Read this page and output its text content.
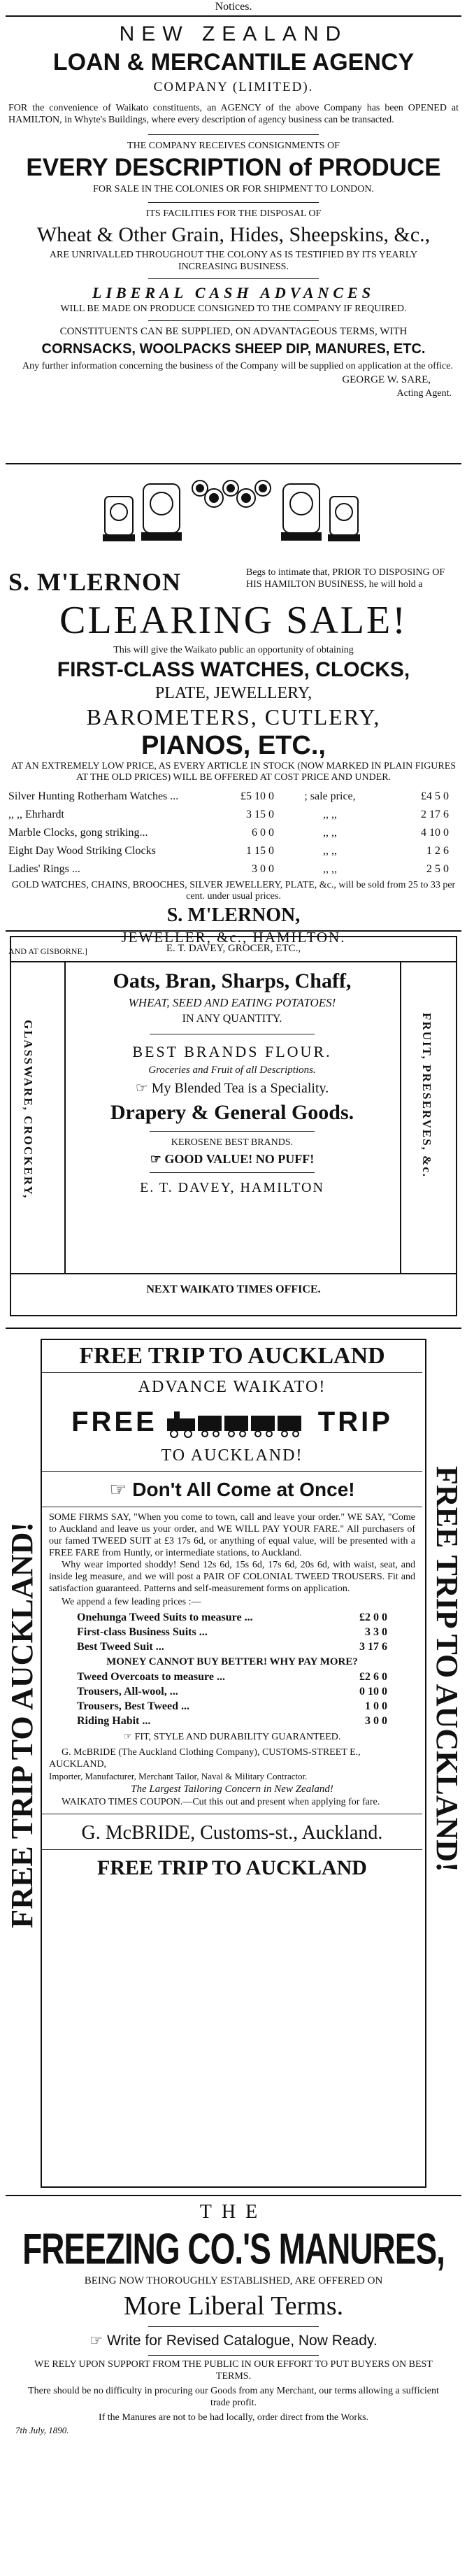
Notices.

NEW ZEALAND

LOAN & MERCANTILE AGENCY

COMPANY (LIMITED).

FOR the convenience of Waikato constituents, an AGENCY of the above Company has been OPENED at HAMILTON, in Whyte's Buildings, where every description of agency business can be transacted.

THE COMPANY RECEIVES CONSIGNMENTS OF

EVERY DESCRIPTION of PRODUCE

FOR SALE IN THE COLONIES OR FOR SHIPMENT TO LONDON.

ITS FACILITIES FOR THE DISPOSAL OF

Wheat & Other Grain, Hides, Sheepskins, &c.,

ARE UNRIVALLED THROUGHOUT THE COLONY AS IS TESTIFIED BY ITS YEARLY INCREASING BUSINESS.

LIBERAL CASH ADVANCES

WILL BE MADE ON PRODUCE CONSIGNED TO THE COMPANY IF REQUIRED.

CONSTITUENTS CAN BE SUPPLIED, ON ADVANTAGEOUS TERMS, WITH

CORNSACKS, WOOLPACKS SHEEP DIP, MANURES, ETC.

Any further information concerning the business of the Company will be supplied on application at the office.

GEORGE W. SARE,

Acting Agent.

S. M'LERNON	Begs to intimate that, PRIOR TO DISPOSING OF HIS HAMILTON BUSINESS, he will hold a

CLEARING SALE!

This will give the Waikato public an opportunity of obtaining

FIRST-CLASS WATCHES, CLOCKS,

PLATE, JEWELLERY,

BAROMETERS, CUTLERY,

PIANOS, ETC.,

AT AN EXTREMELY LOW PRICE, AS EVERY ARTICLE IN STOCK (NOW MARKED IN PLAIN FIGURES AT THE OLD PRICES) WILL BE OFFERED AT COST PRICE AND UNDER.

Silver Hunting Rotherham Watches ...	£5 10 0	; sale price,	£4 5 0
,, ,, Ehrhardt	3 15 0	,, ,,	2 17 6
Marble Clocks, gong striking...	6 0 0	,, ,,	4 10 0
Eight Day Wood Striking Clocks	1 15 0	,, ,,	1 2 6
Ladies' Rings ...	3 0 0	,, ,,	2 5 0

GOLD WATCHES, CHAINS, BROOCHES, SILVER JEWELLERY, PLATE, &c., will be sold from 25 to 33 per cent. under usual prices.

S. M'LERNON,

JEWELLER, &c., HAMILTON.

AND AT GISBORNE.]	E. T. DAVEY, GROCER, ETC.,

GLASSWARE, CROCKERY,	FRUIT, PRESERVES, &c.

Oats, Bran, Sharps, Chaff,

WHEAT, SEED AND EATING POTATOES!

IN ANY QUANTITY.

BEST BRANDS FLOUR.

Groceries and Fruit of all Descriptions.

☞ My Blended Tea is a Speciality.

Drapery & General Goods.

KEROSENE BEST BRANDS.

☞ GOOD VALUE! NO PUFF!

E. T. DAVEY, HAMILTON

NEXT WAIKATO TIMES OFFICE.

FREE TRIP TO AUCKLAND!	FREE TRIP TO AUCKLAND!

FREE TRIP TO AUCKLAND

ADVANCE WAIKATO!

FREE	TRIP

TO AUCKLAND!

☞ Don't All Come at Once!

SOME FIRMS SAY, "When you come to town, call and leave your order." WE SAY, "Come to Auckland and leave us your order, and WE WILL PAY YOUR FARE." All purchasers of our famed TWEED SUIT at £3 17s 6d, or anything of equal value, will be presented with a FREE FARE from Huntly, or intermediate stations, to Auckland.

Why wear imported shoddy! Send 12s 6d, 15s 6d, 17s 6d, 20s 6d, with waist, seat, and inside leg measure, and we will post a PAIR OF COLONIAL TWEED TROUSERS. Fit and satisfaction guaranteed. Patterns and self-measurement forms on application.

We append a few leading prices :—

Onehunga Tweed Suits to measure ...	£2 0 0
First-class Business Suits ...	3 3 0
Best Tweed Suit ...	3 17 6

MONEY CANNOT BUY BETTER! WHY PAY MORE?

Tweed Overcoats to measure ...	£2 6 0
Trousers, All-wool, ...	0 10 0
Trousers, Best Tweed ...	1 0 0
Riding Habit ...	3 0 0

☞ FIT, STYLE AND DURABILITY GUARANTEED.

G. McBRIDE (The Auckland Clothing Company), CUSTOMS-STREET E., AUCKLAND,

Importer, Manufacturer, Merchant Tailor, Naval & Military Contractor.

The Largest Tailoring Concern in New Zealand!

WAIKATO TIMES COUPON.—Cut this out and present when applying for fare.

G. McBRIDE, Customs-st., Auckland.

FREE TRIP TO AUCKLAND

THE

FREEZING CO.'S MANURES,

BEING NOW THOROUGHLY ESTABLISHED, ARE OFFERED ON

More Liberal Terms.

☞ Write for Revised Catalogue, Now Ready.

WE RELY UPON SUPPORT FROM THE PUBLIC IN OUR EFFORT TO PUT BUYERS ON BEST TERMS.

There should be no difficulty in procuring our Goods from any Merchant, our terms allowing a sufficient trade profit.

If the Manures are not to be had locally, order direct from the Works.

7th July, 1890.
